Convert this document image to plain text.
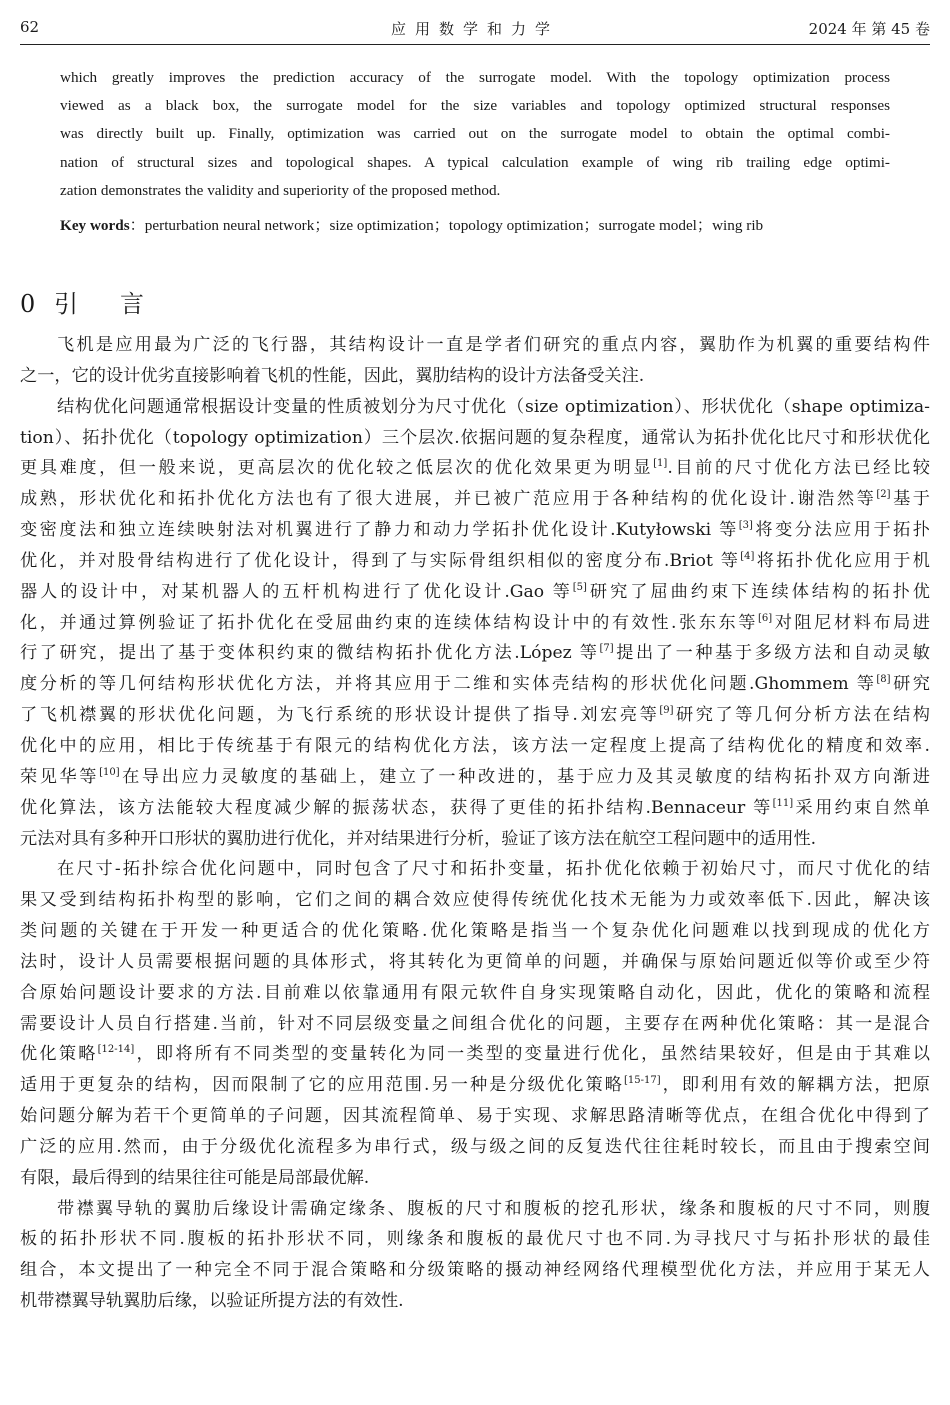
62	应用数学和力学	2024 年 第 45 卷
which greatly improves the prediction accuracy of the surrogate model. With the topology optimization process
viewed as a black box, the surrogate model for the size variables and topology optimized structural responses
was directly built up. Finally, optimization was carried out on the surrogate model to obtain the optimal combi-
nation of structural sizes and topological shapes. A typical calculation example of wing rib trailing edge optimi-
zation demonstrates the validity and superiority of the proposed method.
Key words：perturbation neural network；size optimization；topology optimization；surrogate model；wing rib
0 引言
飞机是应用最为广泛的飞行器，其结构设计一直是学者们研究的重点内容，翼肋作为机翼的重要结构件
之一，它的设计优劣直接影响着飞机的性能，因此，翼肋结构的设计方法备受关注.
结构优化问题通常根据设计变量的性质被划分为尺寸优化（size optimization）、形状优化（shape optimiza-
tion）、拓扑优化（topology optimization）三个层次.依据问题的复杂程度，通常认为拓扑优化比尺寸和形状优化
更具难度，但一般来说，更高层次的优化较之低层次的优化效果更为明显[1].目前的尺寸优化方法已经比较
成熟，形状优化和拓扑优化方法也有了很大进展，并已被广范应用于各种结构的优化设计.谢浩然等[2]基于
变密度法和独立连续映射法对机翼进行了静力和动力学拓扑优化设计.Kutyłowski 等[3]将变分法应用于拓扑
优化，并对股骨结构进行了优化设计，得到了与实际骨组织相似的密度分布.Briot 等[4]将拓扑优化应用于机
器人的设计中，对某机器人的五杆机构进行了优化设计.Gao 等[5]研究了屈曲约束下连续体结构的拓扑优
化，并通过算例验证了拓扑优化在受屈曲约束的连续体结构设计中的有效性.张东东等[6]对阻尼材料布局进
行了研究，提出了基于变体积约束的微结构拓扑优化方法.López 等[7]提出了一种基于多级方法和自动灵敏
度分析的等几何结构形状优化方法，并将其应用于二维和实体壳结构的形状优化问题.Ghommem 等[8]研究
了飞机襟翼的形状优化问题，为飞行系统的形状设计提供了指导.刘宏亮等[9]研究了等几何分析方法在结构
优化中的应用，相比于传统基于有限元的结构优化方法，该方法一定程度上提高了结构优化的精度和效率.
荣见华等[10]在导出应力灵敏度的基础上，建立了一种改进的，基于应力及其灵敏度的结构拓扑双方向渐进
优化算法，该方法能较大程度减少解的振荡状态，获得了更佳的拓扑结构.Bennaceur 等[11]采用约束自然单
元法对具有多种开口形状的翼肋进行优化，并对结果进行分析，验证了该方法在航空工程问题中的适用性.
在尺寸-拓扑综合优化问题中，同时包含了尺寸和拓扑变量，拓扑优化依赖于初始尺寸，而尺寸优化的结
果又受到结构拓扑构型的影响，它们之间的耦合效应使得传统优化技术无能为力或效率低下.因此，解决该
类问题的关键在于开发一种更适合的优化策略.优化策略是指当一个复杂优化问题难以找到现成的优化方
法时，设计人员需要根据问题的具体形式，将其转化为更简单的问题，并确保与原始问题近似等价或至少符
合原始问题设计要求的方法.目前难以依靠通用有限元软件自身实现策略自动化，因此，优化的策略和流程
需要设计人员自行搭建.当前，针对不同层级变量之间组合优化的问题，主要存在两种优化策略：其一是混合
优化策略[12-14]，即将所有不同类型的变量转化为同一类型的变量进行优化，虽然结果较好，但是由于其难以
适用于更复杂的结构，因而限制了它的应用范围.另一种是分级优化策略[15-17]，即利用有效的解耦方法，把原
始问题分解为若干个更简单的子问题，因其流程简单、易于实现、求解思路清晰等优点，在组合优化中得到了
广泛的应用.然而，由于分级优化流程多为串行式，级与级之间的反复迭代往往耗时较长，而且由于搜索空间
有限，最后得到的结果往往可能是局部最优解.
带襟翼导轨的翼肋后缘设计需确定缘条、腹板的尺寸和腹板的挖孔形状，缘条和腹板的尺寸不同，则腹
板的拓扑形状不同.腹板的拓扑形状不同，则缘条和腹板的最优尺寸也不同.为寻找尺寸与拓扑形状的最佳
组合，本文提出了一种完全不同于混合策略和分级策略的摄动神经网络代理模型优化方法，并应用于某无人
机带襟翼导轨翼肋后缘，以验证所提方法的有效性.
